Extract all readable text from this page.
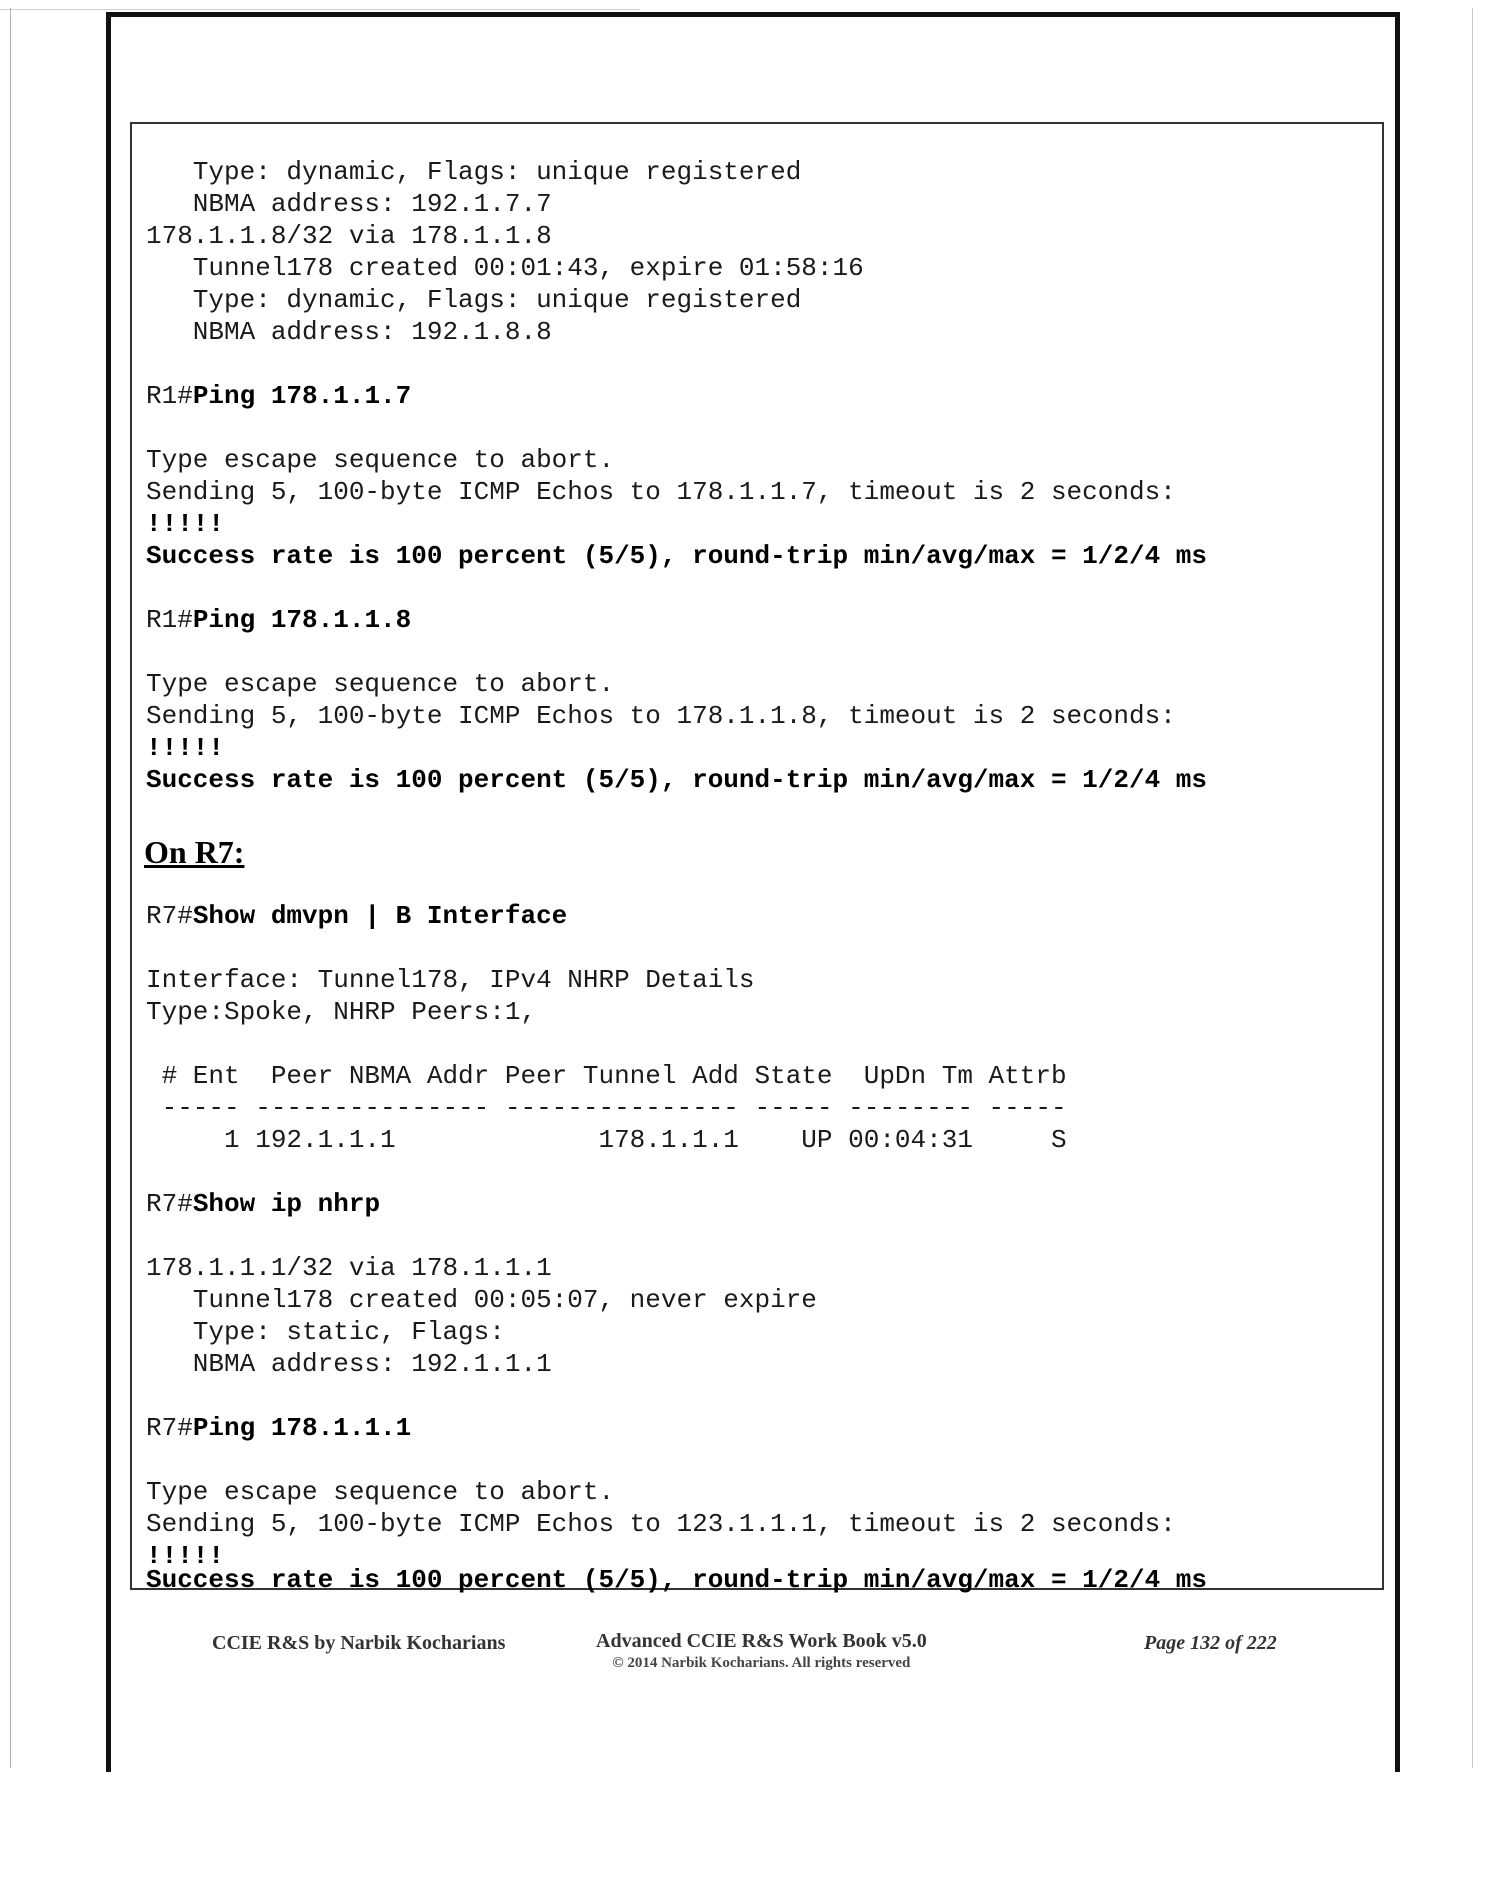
Type: dynamic, Flags: unique registered
NBMA address: 192.1.7.7
178.1.1.8/32 via 178.1.1.8
Tunnel178 created 00:01:43, expire 01:58:16
Type: dynamic, Flags: unique registered
NBMA address: 192.1.8.8
R1#Ping 178.1.1.7
Type escape sequence to abort.
Sending 5, 100-byte ICMP Echos to 178.1.1.7, timeout is 2 seconds:
!!!!!
Success rate is 100 percent (5/5), round-trip min/avg/max = 1/2/4 ms
R1#Ping 178.1.1.8
Type escape sequence to abort.
Sending 5, 100-byte ICMP Echos to 178.1.1.8, timeout is 2 seconds:
!!!!!
Success rate is 100 percent (5/5), round-trip min/avg/max = 1/2/4 ms
On R7:
R7#Show dmvpn | B Interface
Interface: Tunnel178, IPv4 NHRP Details
Type:Spoke, NHRP Peers:1,
# Ent  Peer NBMA Addr Peer Tunnel Add State  UpDn Tm Attrb
----- --------------- --------------- ----- -------- -----
1 192.1.1.1             178.1.1.1    UP 00:04:31     S
R7#Show ip nhrp
178.1.1.1/32 via 178.1.1.1
Tunnel178 created 00:05:07, never expire
Type: static, Flags:
NBMA address: 192.1.1.1
R7#Ping 178.1.1.1
Type escape sequence to abort.
Sending 5, 100-byte ICMP Echos to 123.1.1.1, timeout is 2 seconds:
!!!!!
Success rate is 100 percent (5/5), round-trip min/avg/max = 1/2/4 ms
CCIE R&S by Narbik Kocharians	Advanced CCIE R&S Work Book v5.0
© 2014 Narbik Kocharians. All rights reserved
Page 132 of 222
